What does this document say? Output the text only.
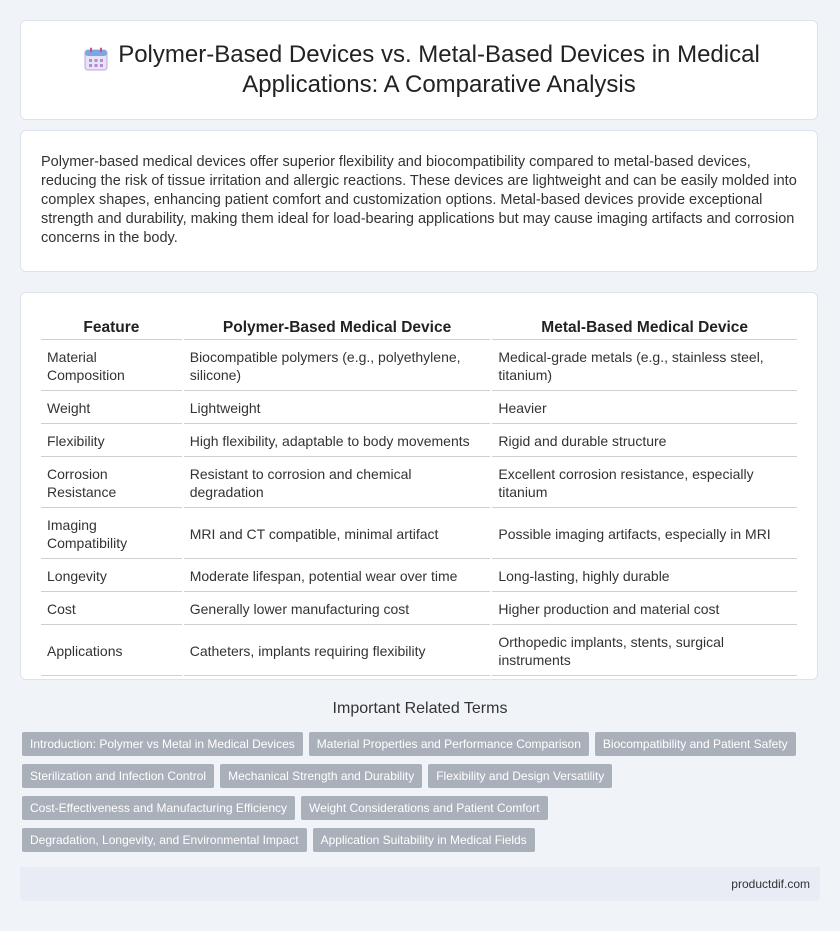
Polymer-Based Devices vs. Metal-Based Devices in Medical Applications: A Comparative Analysis

Polymer-based medical devices offer superior flexibility and biocompatibility compared to metal-based devices, reducing the risk of tissue irritation and allergic reactions. These devices are lightweight and can be easily molded into complex shapes, enhancing patient comfort and customization options. Metal-based devices provide exceptional strength and durability, making them ideal for load-bearing applications but may cause imaging artifacts and corrosion concerns in the body.

Feature	Polymer-Based Medical Device	Metal-Based Medical Device
Material Composition	Biocompatible polymers (e.g., polyethylene, silicone)	Medical-grade metals (e.g., stainless steel, titanium)
Weight	Lightweight	Heavier
Flexibility	High flexibility, adaptable to body movements	Rigid and durable structure
Corrosion Resistance	Resistant to corrosion and chemical degradation	Excellent corrosion resistance, especially titanium
Imaging Compatibility	MRI and CT compatible, minimal artifact	Possible imaging artifacts, especially in MRI
Longevity	Moderate lifespan, potential wear over time	Long-lasting, highly durable
Cost	Generally lower manufacturing cost	Higher production and material cost
Applications	Catheters, implants requiring flexibility	Orthopedic implants, stents, surgical instruments
Important Related Terms
Introduction: Polymer vs Metal in Medical Devices Material Properties and Performance Comparison Biocompatibility and Patient Safety Sterilization and Infection Control Mechanical Strength and Durability Flexibility and Design Versatility Cost-Effectiveness and Manufacturing Efficiency Weight Considerations and Patient Comfort Degradation, Longevity, and Environmental Impact Application Suitability in Medical Fields
productdif.com
